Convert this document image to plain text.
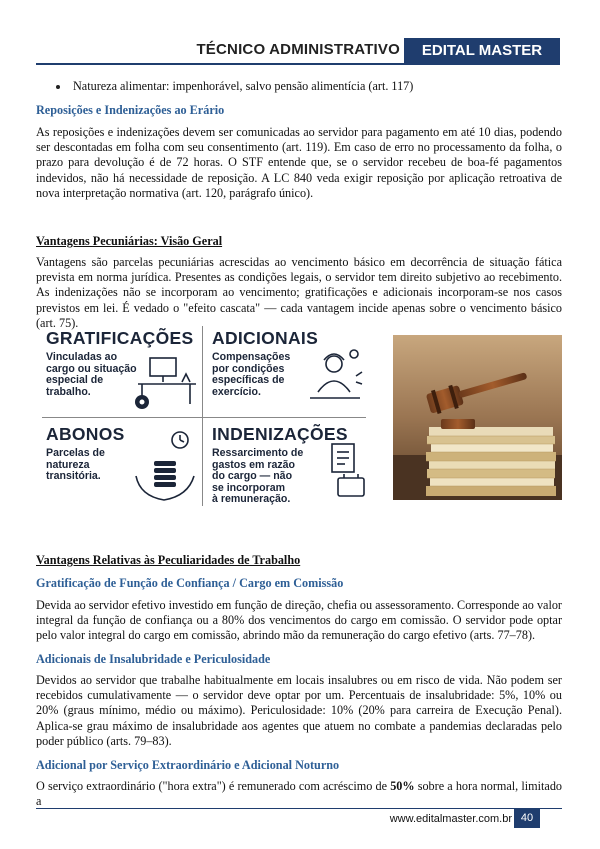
TÉCNICO ADMINISTRATIVO	EDITAL MASTER
Natureza alimentar: impenhorável, salvo pensão alimentícia (art. 117)
Reposições e Indenizações ao Erário

As reposições e indenizações devem ser comunicadas ao servidor para pagamento em até 10 dias, podendo ser descontadas em folha com seu consentimento (art. 119). Em caso de erro no processamento da folha, o prazo para devolução é de 72 horas. O STF entende que, se o servidor recebeu de boa-fé pagamentos indevidos, não há necessidade de reposição. A LC 840 veda exigir reposição por aplicação retroativa de nova interpretação normativa (art. 120, parágrafo único).

Vantagens Pecuniárias: Visão Geral

Vantagens são parcelas pecuniárias acrescidas ao vencimento básico em decorrência de situação fática prevista em norma jurídica. Presentes as condições legais, o servidor tem direito subjetivo ao recebimento. As indenizações não se incorporam ao vencimento; gratificações e adicionais incorporam-se nos casos previstos em lei. É vedado o "efeito cascata" — cada vantagem incide apenas sobre o vencimento básico (art. 75).

GRATIFICAÇÕES
Vinculadas ao
cargo ou situação
especial de
trabalho.
ADICIONAIS
Compensações
por condições
específicas de
exercício.
ABONOS
Parcelas de
natureza
transitória.
INDENIZAÇÕES
Ressarcimento de
gastos em razão
do cargo — não
se incorporam
à remuneração.
Vantagens Relativas às Peculiaridades de Trabalho
Gratificação de Função de Confiança / Cargo em Comissão

Devida ao servidor efetivo investido em função de direção, chefia ou assessoramento. Corresponde ao valor integral da função de confiança ou a 80% dos vencimentos do cargo em comissão. O servidor pode optar pelo valor integral do cargo em comissão, abrindo mão da remuneração do cargo efetivo (arts. 77–78).

Adicionais de Insalubridade e Periculosidade

Devidos ao servidor que trabalhe habitualmente em locais insalubres ou em risco de vida. Não podem ser recebidos cumulativamente — o servidor deve optar por um. Percentuais de insalubridade: 5%, 10% ou 20% (graus mínimo, médio ou máximo). Periculosidade: 10% (20% para carreira de Execução Penal). Aplica-se grau máximo de insalubridade aos agentes que atuem no combate a pandemias declaradas pelo poder público (arts. 79–83).

Adicional por Serviço Extraordinário e Adicional Noturno

O serviço extraordinário ("hora extra") é remunerado com acréscimo de 50% sobre a hora normal, limitado a

www.editalmaster.com.br 40
